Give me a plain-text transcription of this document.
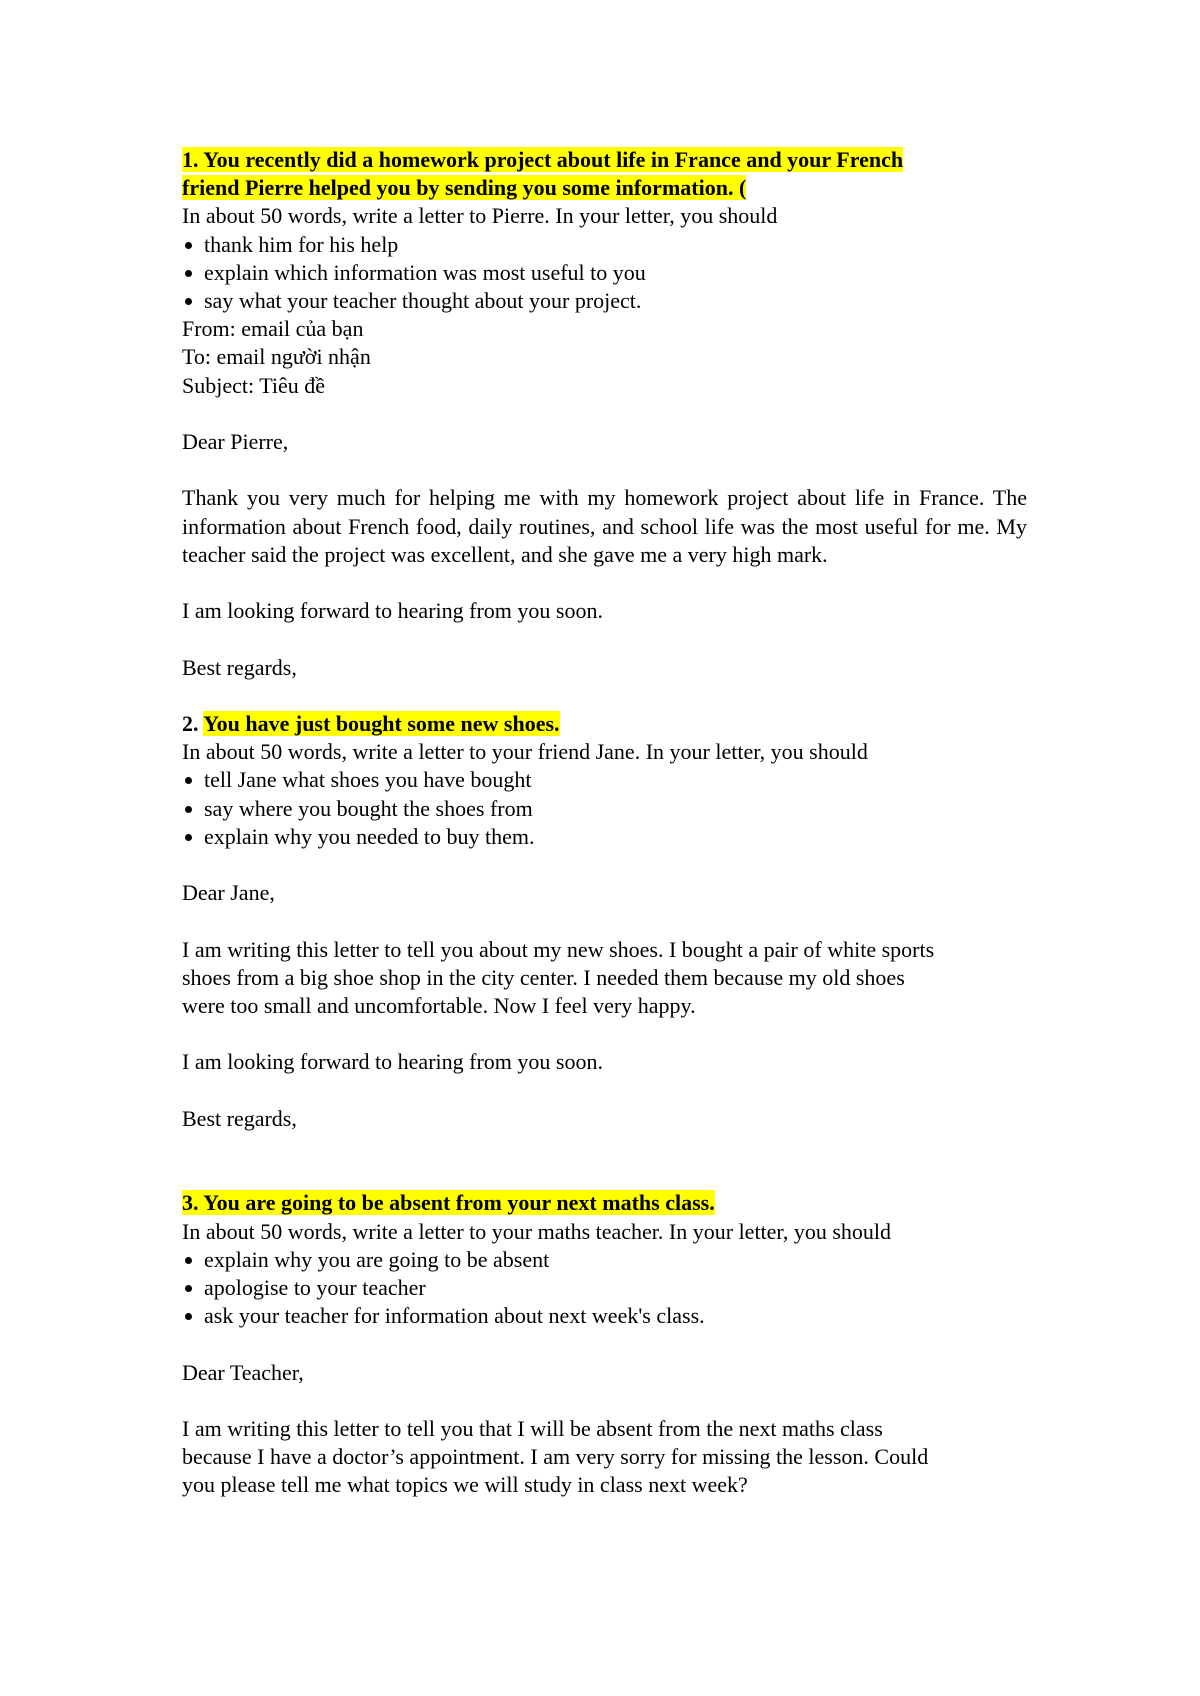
1. You recently did a homework project about life in France and your French

friend Pierre helped you by sending you some information. (

In about 50 words, write a letter to Pierre. In your letter, you should

thank him for his help
explain which information was most useful to you
say what your teacher thought about your project.

From: email của bạn

To: email người nhận

Subject: Tiêu đề

Dear Pierre,

Thank you very much for helping me with my homework project about life in France. The information about French food, daily routines, and school life was the most useful for me. My teacher said the project was excellent, and she gave me a very high mark.

I am looking forward to hearing from you soon.

Best regards,

2. You have just bought some new shoes.

In about 50 words, write a letter to your friend Jane. In your letter, you should

tell Jane what shoes you have bought
say where you bought the shoes from
explain why you needed to buy them.

Dear Jane,

I am writing this letter to tell you about my new shoes. I bought a pair of white sports

shoes from a big shoe shop in the city center. I needed them because my old shoes

were too small and uncomfortable. Now I feel very happy.

I am looking forward to hearing from you soon.

Best regards,

3. You are going to be absent from your next maths class.

In about 50 words, write a letter to your maths teacher. In your letter, you should

explain why you are going to be absent
apologise to your teacher
ask your teacher for information about next week's class.

Dear Teacher,

I am writing this letter to tell you that I will be absent from the next maths class

because I have a doctor’s appointment. I am very sorry for missing the lesson. Could

you please tell me what topics we will study in class next week?
